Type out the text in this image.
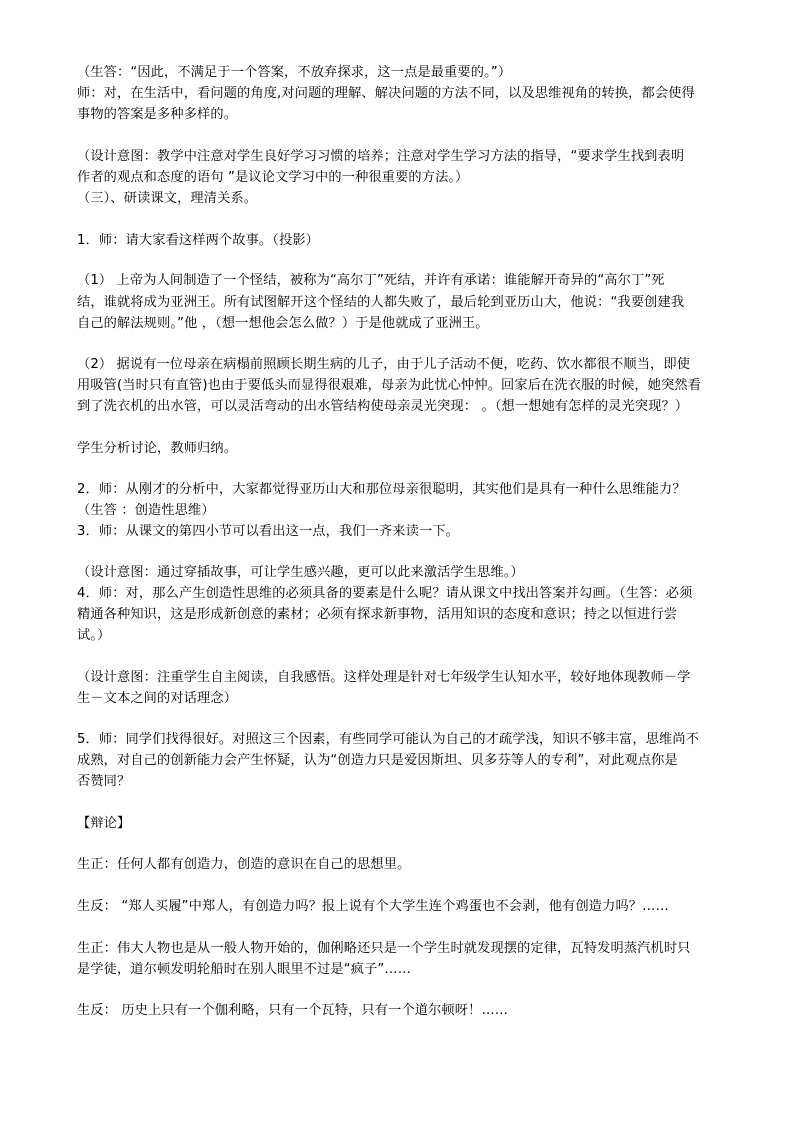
（生答：“因此，不满足于一个答案，不放弃探求，这一点是最重要的。”）

师：对，在生活中，看问题的角度,对问题的理解、解决问题的方法不同，以及思维视角的转换，都会使得

事物的答案是多种多样的。

（设计意图：教学中注意对学生良好学习习惯的培养；注意对学生学习方法的指导，“要求学生找到表明

作者的观点和态度的语句 ”是议论文学习中的一种很重要的方法。）

（三）、研读课文，理清关系。

1．师：请大家看这样两个故事。（投影）

（1） 上帝为人间制造了一个怪结，被称为“高尔丁”死结，并许有承诺：谁能解开奇异的“高尔丁”死

结，谁就将成为亚洲王。所有试图解开这个怪结的人都失败了，最后轮到亚历山大，他说：“我要创建我

自己的解法规则。”他 ，（想一想他会怎么做？）于是他就成了亚洲王。

（2） 据说有一位母亲在病榻前照顾长期生病的儿子，由于儿子活动不便，吃药、饮水都很不顺当，即使

用吸管(当时只有直管)也由于要低头而显得很艰难，母亲为此忧心忡忡。回家后在洗衣服的时候，她突然看

到了洗衣机的出水管，可以灵活弯动的出水管结构使母亲灵光突现： 。（想一想她有怎样的灵光突现？）

学生分析讨论，教师归纳。

2．师：从刚才的分析中，大家都觉得亚历山大和那位母亲很聪明，其实他们是具有一种什么思维能力？

（生答 ：创造性思维）

3．师：从课文的第四小节可以看出这一点，我们一齐来读一下。

（设计意图：通过穿插故事，可让学生感兴趣，更可以此来激活学生思维。）

4．师：对，那么产生创造性思维的必须具备的要素是什么呢？请从课文中找出答案并勾画。（生答：必须

精通各种知识，这是形成新创意的素材；必须有探求新事物，活用知识的态度和意识；持之以恒进行尝

试。）

（设计意图：注重学生自主阅读，自我感悟。这样处理是针对七年级学生认知水平，较好地体现教师－学

生－文本之间的对话理念）

5．师：同学们找得很好。对照这三个因素，有些同学可能认为自己的才疏学浅，知识不够丰富，思维尚不

成熟，对自己的创新能力会产生怀疑，认为“创造力只是爱因斯坦、贝多芬等人的专利”，对此观点你是

否赞同？

【辩论】

生正：任何人都有创造力，创造的意识在自己的思想里。

生反： “郑人买履”中郑人，有创造力吗？报上说有个大学生连个鸡蛋也不会剥，他有创造力吗？……

生正：伟大人物也是从一般人物开始的，伽俐略还只是一个学生时就发现摆的定律，瓦特发明蒸汽机时只

是学徒，道尔顿发明轮船时在别人眼里不过是“疯子”……

生反： 历史上只有一个伽利略，只有一个瓦特，只有一个道尔顿呀！……
